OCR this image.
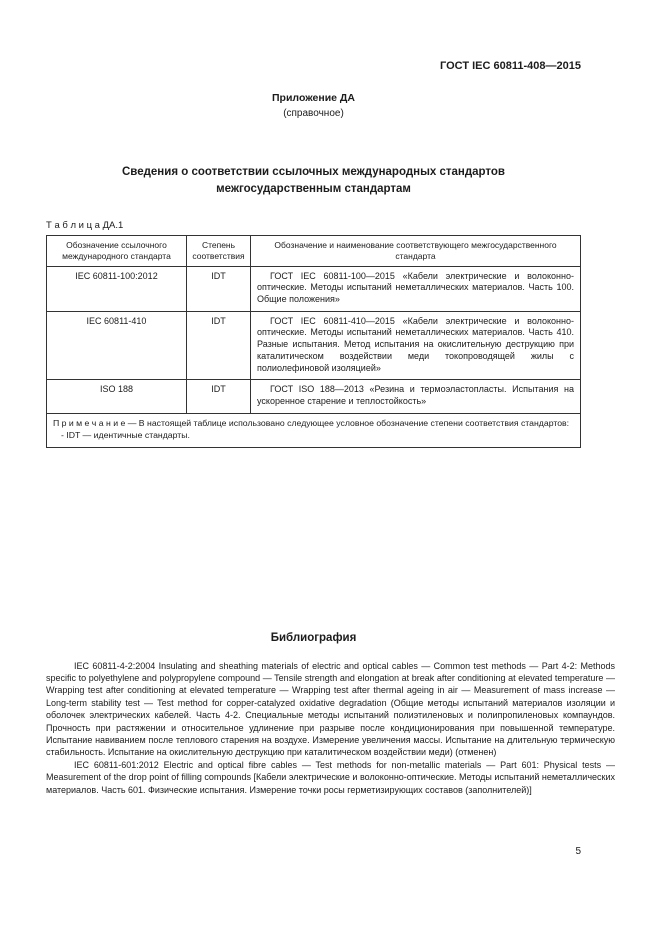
ГОСТ IEC 60811-408—2015
Приложение ДА
(справочное)
Сведения о соответствии ссылочных международных стандартов
межгосударственным стандартам
Т а б л и ц а ДА.1
Обозначение ссылочного международного стандарта	Степень соответствия	Обозначение и наименование соответствующего межгосударственного стандарта
IEC 60811-100:2012	IDT	ГОСТ IEC 60811-100—2015 «Кабели электрические и волоконно-оптические. Методы испытаний неметаллических материалов. Часть 100. Общие положения»
IEC 60811-410	IDT	ГОСТ IEC 60811-410—2015 «Кабели электрические и волоконно-оптические. Методы испытаний неметаллических материалов. Часть 410. Разные испытания. Метод испытания на окислительную деструкцию при каталитическом воздействии меди токопроводящей жилы с полиолефиновой изоляцией»
ISO 188	IDT	ГОСТ ISO 188—2013 «Резина и термоэластопласты. Испытания на ускоренное старение и теплостойкость»

П р и м е ч а н и е — В настоящей таблице использовано следующее условное обозначение степени соответствия стандартов:
- IDT — идентичные стандарты.		
Библиография

IEC 60811-4-2:2004 Insulating and sheathing materials of electric and optical cables — Common test methods — Part 4-2: Methods specific to polyethylene and polypropylene compound — Tensile strength and elongation at break after conditioning at elevated temperature — Wrapping test after conditioning at elevated temperature — Wrapping test after thermal ageing in air — Measurement of mass increase — Long-term stability test — Test method for copper-catalyzed oxidative degradation (Общие методы испытаний материалов изоляции и оболочек электрических кабелей. Часть 4-2. Специальные методы испытаний полиэтиленовых и полипропиленовых компаундов. Прочность при растяжении и относительное удлинение при разрыве после кондиционирования при повышенной температуре. Испытание навиванием после теплового старения на воздухе. Измерение увеличения массы. Испытание на длительную термическую стабильность. Испытание на окислительную деструкцию при каталитическом воздействии меди) (отменен)

IEC 60811-601:2012 Electric and optical fibre cables — Test methods for non-metallic materials — Part 601: Physical tests — Measurement of the drop point of filling compounds [Кабели электрические и волоконно-оптические. Методы испытаний неметаллических материалов. Часть 601. Физические испытания. Измерение точки росы герметизирующих составов (заполнителей)]

5
